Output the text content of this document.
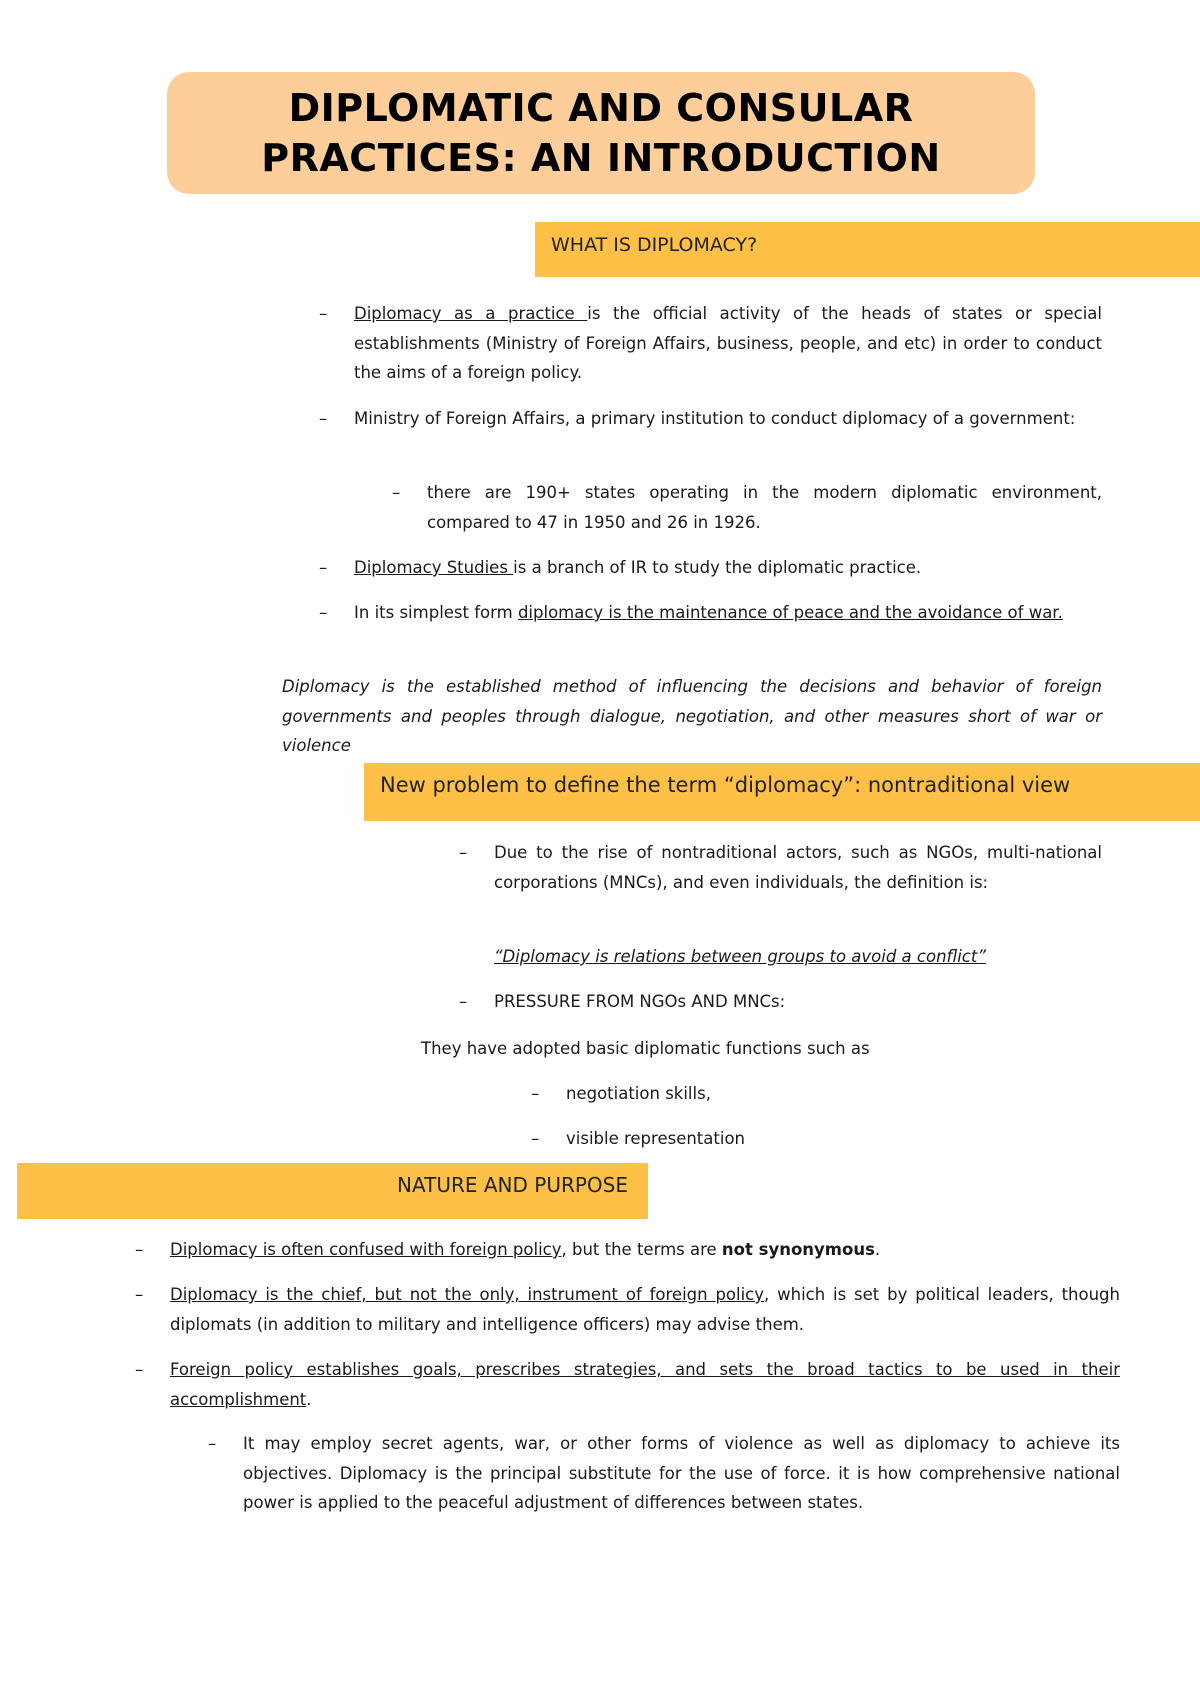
DIPLOMATIC AND CONSULAR
PRACTICES: AN INTRODUCTION
WHAT IS DIPLOMACY?
– Diplomacy as a practice is the official activity of the heads of states or special establishments (Ministry of Foreign Affairs, business, people, and etc) in order to conduct the aims of a foreign policy.
– Ministry of Foreign Affairs, a primary institution to conduct diplomacy of a government:
– there are 190+ states operating in the modern diplomatic environment, compared to 47 in 1950 and 26 in 1926.
– Diplomacy Studies is a branch of IR to study the diplomatic practice.
– In its simplest form diplomacy is the maintenance of peace and the avoidance of war.
Diplomacy is the established method of influencing the decisions and behavior of foreign governments and peoples through dialogue, negotiation, and other measures short of war or violence
New problem to define the term “diplomacy”: nontraditional view
– Due to the rise of nontraditional actors, such as NGOs, multi-national corporations (MNCs), and even individuals, the definition is:
“Diplomacy is relations between groups to avoid a conflict”
– PRESSURE FROM NGOs AND MNCs:
They have adopted basic diplomatic functions such as
– negotiation skills,
– visible representation
NATURE AND PURPOSE
– Diplomacy is often confused with foreign policy, but the terms are not synonymous.
– Diplomacy is the chief, but not the only, instrument of foreign policy, which is set by political leaders, though diplomats (in addition to military and intelligence officers) may advise them.
– Foreign policy establishes goals, prescribes strategies, and sets the broad tactics to be used in their accomplishment.
– It may employ secret agents, war, or other forms of violence as well as diplomacy to achieve its objectives. Diplomacy is the principal substitute for the use of force. it is how comprehensive national power is applied to the peaceful adjustment of differences between states.
